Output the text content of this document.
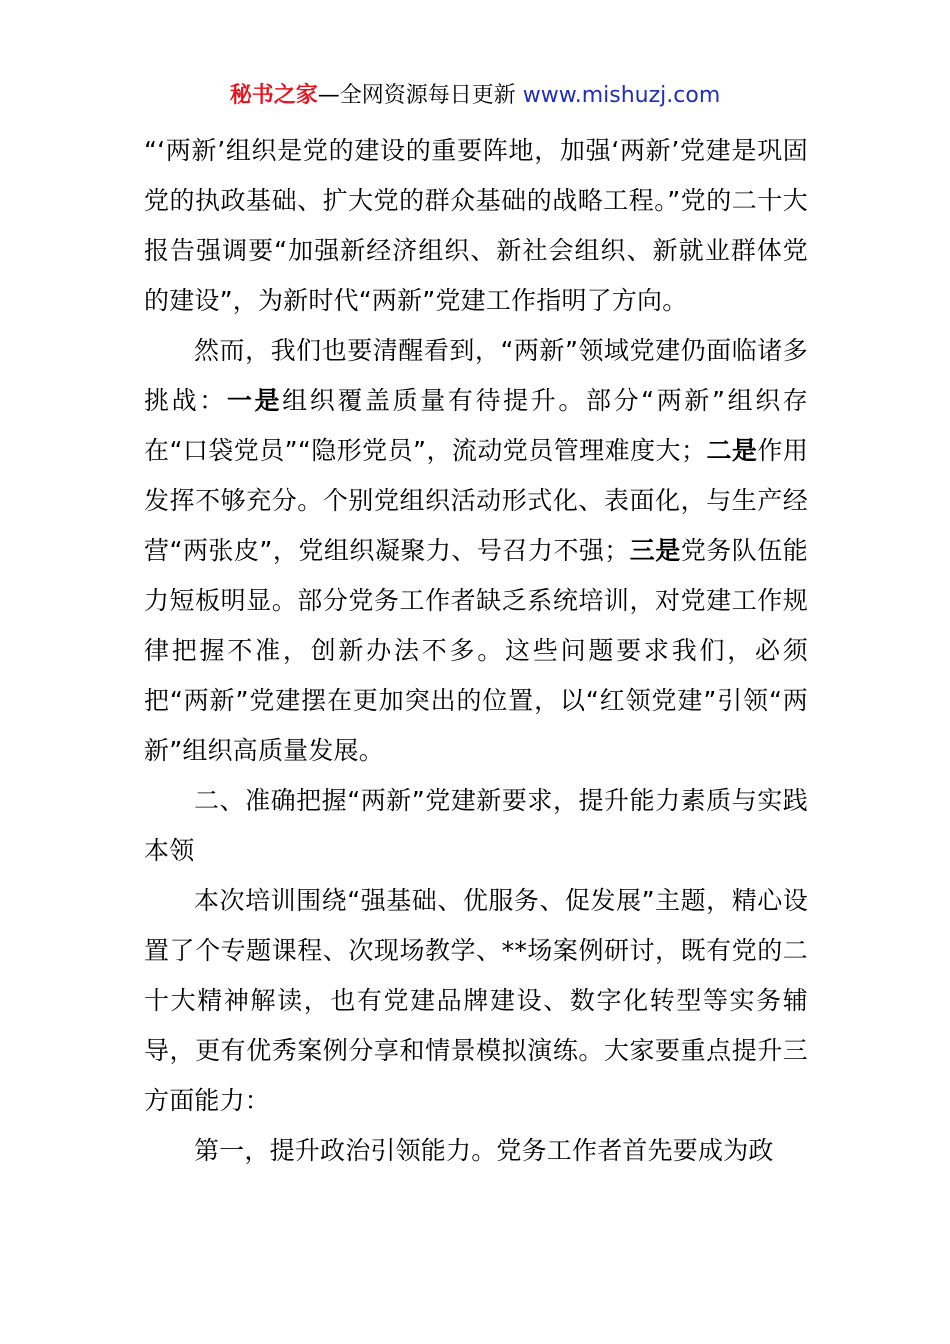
秘书之家—全网资源每日更新 www.mishuzj.com

“‘两新’组织是党的建设的重要阵地，加强‘两新’党建是巩固党的执政基础、扩大党的群众基础的战略工程。”党的二十大报告强调要“加强新经济组织、新社会组织、新就业群体党的建设”，为新时代“两新”党建工作指明了方向。

然而，我们也要清醒看到，“两新”领域党建仍面临诸多挑战：一是组织覆盖质量有待提升。部分“两新”组织存在“口袋党员”“隐形党员”，流动党员管理难度大；二是作用发挥不够充分。个别党组织活动形式化、表面化，与生产经营“两张皮”，党组织凝聚力、号召力不强；三是党务队伍能力短板明显。部分党务工作者缺乏系统培训，对党建工作规律把握不准，创新办法不多。这些问题要求我们，必须把“两新”党建摆在更加突出的位置，以“红领党建”引领“两新”组织高质量发展。

二、准确把握“两新”党建新要求，提升能力素质与实践本领

本次培训围绕“强基础、优服务、促发展”主题，精心设置了个专题课程、次现场教学、**场案例研讨，既有党的二十大精神解读，也有党建品牌建设、数字化转型等实务辅导，更有优秀案例分享和情景模拟演练。大家要重点提升三方面能力：

第一，提升政治引领能力。党务工作者首先要成为政
